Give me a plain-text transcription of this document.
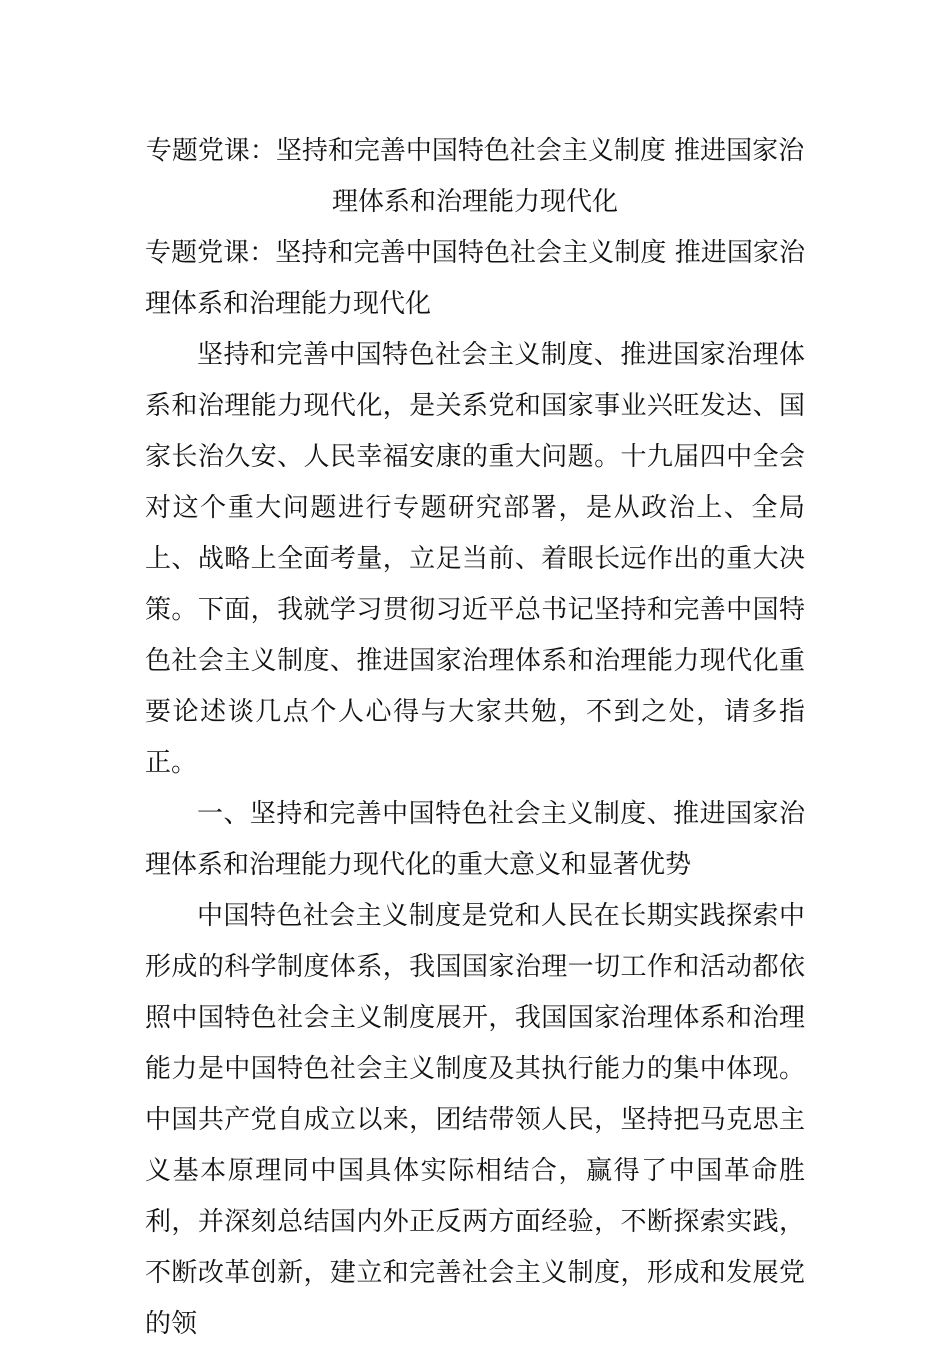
专题党课：坚持和完善中国特色社会主义制度 推进国家治理体系和治理能力现代化

专题党课：坚持和完善中国特色社会主义制度 推进国家治理体系和治理能力现代化

坚持和完善中国特色社会主义制度、推进国家治理体系和治理能力现代化，是关系党和国家事业兴旺发达、国家长治久安、人民幸福安康的重大问题。十九届四中全会对这个重大问题进行专题研究部署，是从政治上、全局上、战略上全面考量，立足当前、着眼长远作出的重大决策。下面，我就学习贯彻习近平总书记坚持和完善中国特色社会主义制度、推进国家治理体系和治理能力现代化重要论述谈几点个人心得与大家共勉，不到之处，请多指正。

一、坚持和完善中国特色社会主义制度、推进国家治理体系和治理能力现代化的重大意义和显著优势

中国特色社会主义制度是党和人民在长期实践探索中形成的科学制度体系，我国国家治理一切工作和活动都依照中国特色社会主义制度展开，我国国家治理体系和治理能力是中国特色社会主义制度及其执行能力的集中体现。中国共产党自成立以来，团结带领人民，坚持把马克思主义基本原理同中国具体实际相结合，赢得了中国革命胜利，并深刻总结国内外正反两方面经验，不断探索实践，不断改革创新，建立和完善社会主义制度，形成和发展党的领
